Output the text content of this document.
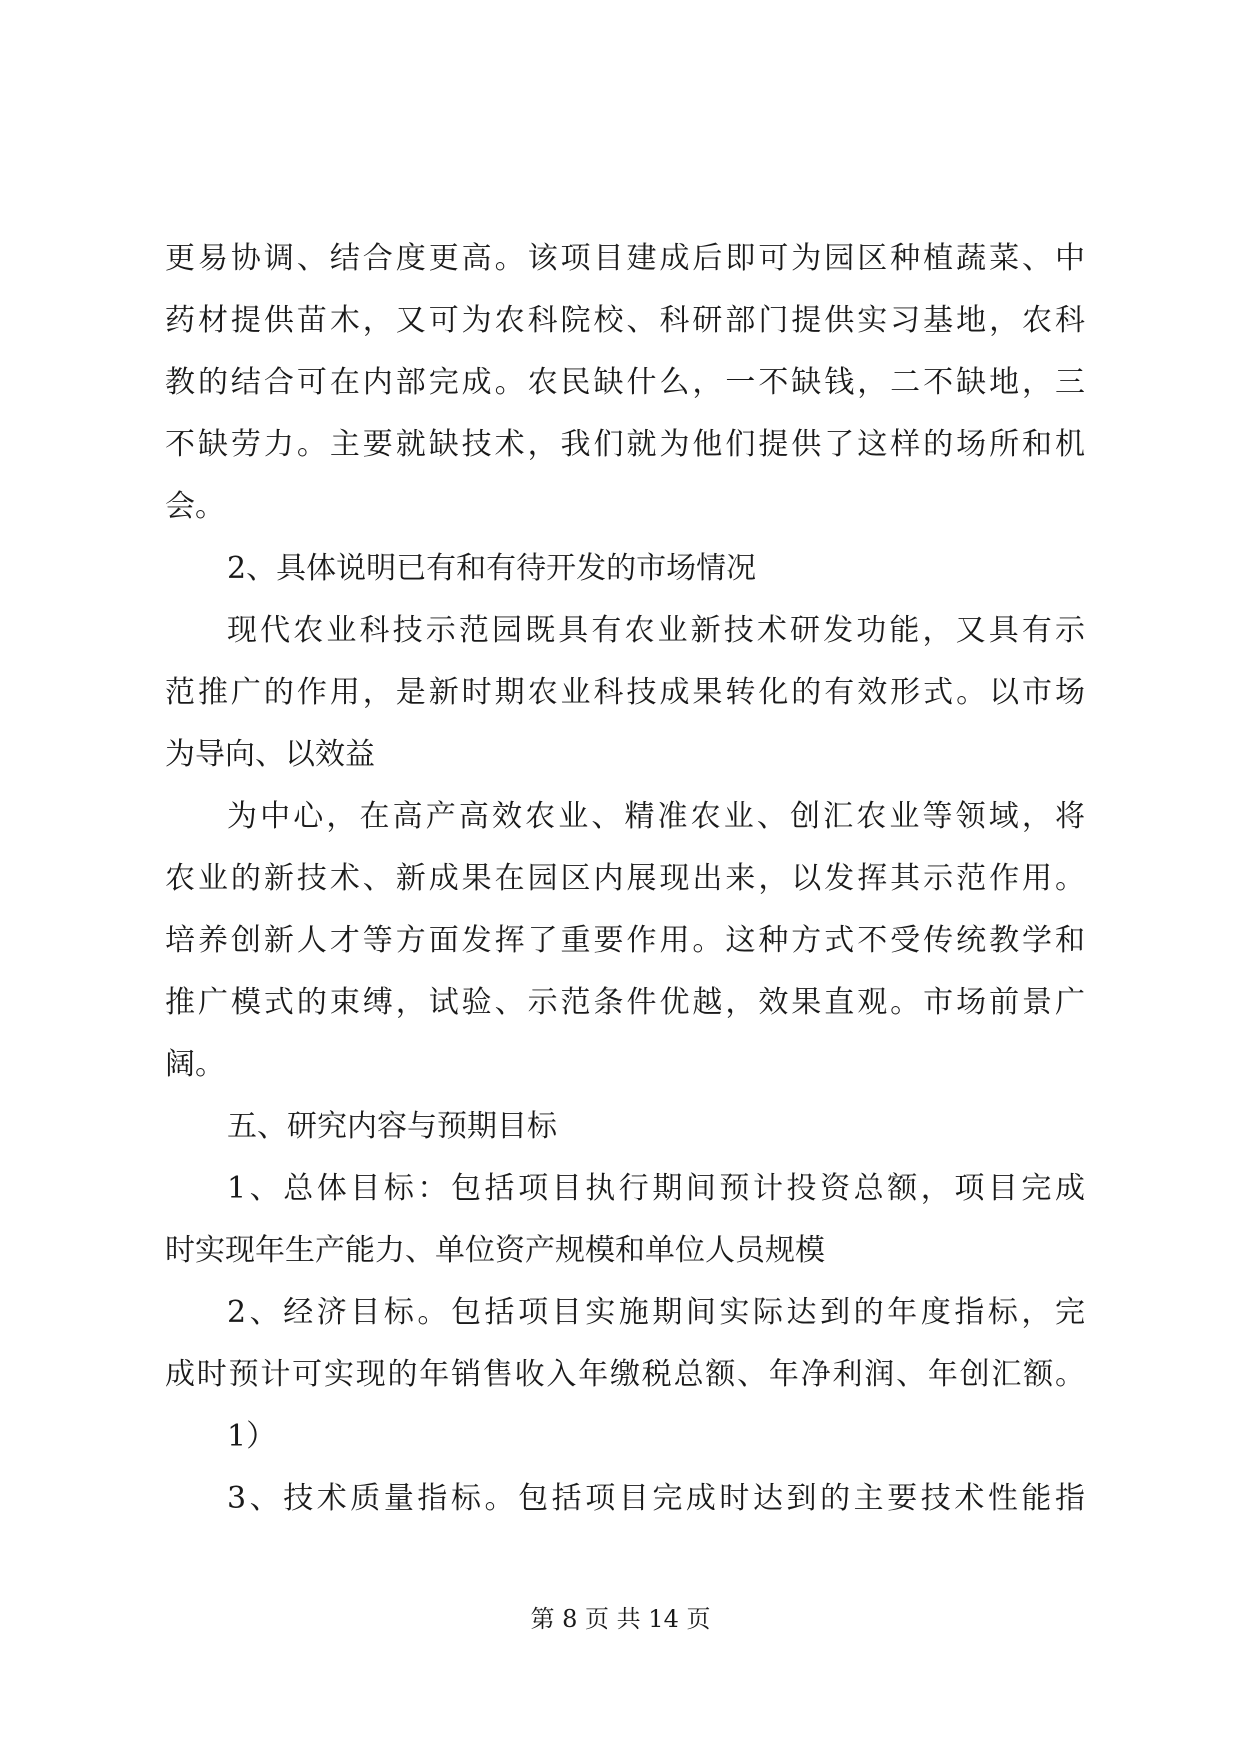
更易协调、结合度更高。该项目建成后即可为园区种植蔬菜、中
药材提供苗木，又可为农科院校、科研部门提供实习基地，农科
教的结合可在内部完成。农民缺什么，一不缺钱，二不缺地，三
不缺劳力。主要就缺技术，我们就为他们提供了这样的场所和机
会。
2、具体说明已有和有待开发的市场情况
现代农业科技示范园既具有农业新技术研发功能，又具有示
范推广的作用，是新时期农业科技成果转化的有效形式。以市场
为导向、以效益
为中心，在高产高效农业、精准农业、创汇农业等领域，将
农业的新技术、新成果在园区内展现出来，以发挥其示范作用。
培养创新人才等方面发挥了重要作用。这种方式不受传统教学和
推广模式的束缚，试验、示范条件优越，效果直观。市场前景广
阔。
五、研究内容与预期目标
1、总体目标：包括项目执行期间预计投资总额，项目完成
时实现年生产能力、单位资产规模和单位人员规模
2、经济目标。包括项目实施期间实际达到的年度指标，完
成时预计可实现的年销售收入年缴税总额、年净利润、年创汇额。
1）
3、技术质量指标。包括项目完成时达到的主要技术性能指
第 8 页 共 14 页
